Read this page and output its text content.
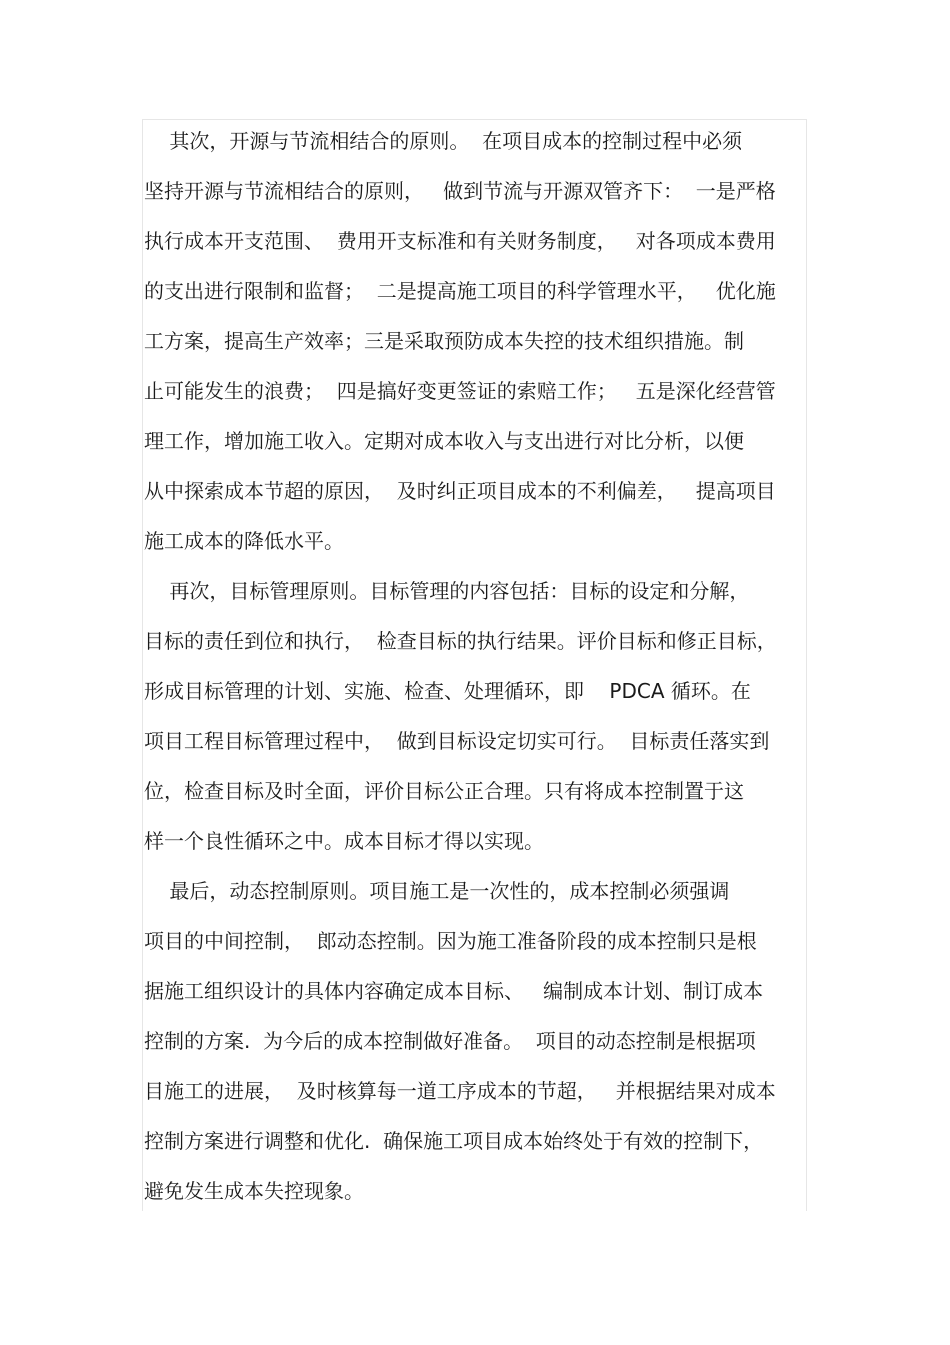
其次，开源与节流相结合的原则。  在项目成本的控制过程中必须
坚持开源与节流相结合的原则，   做到节流与开源双管齐下：  一是严格
执行成本开支范围、  费用开支标准和有关财务制度，   对各项成本费用
的支出进行限制和监督；  二是提高施工项目的科学管理水平，   优化施
工方案，提高生产效率；三是采取预防成本失控的技术组织措施。制
止可能发生的浪费；  四是搞好变更签证的索赔工作；   五是深化经营管
理工作，增加施工收入。定期对成本收入与支出进行对比分析，以便
从中探索成本节超的原因，  及时纠正项目成本的不利偏差，   提高项目
施工成本的降低水平。
再次，目标管理原则。目标管理的内容包括：目标的设定和分解，
目标的责任到位和执行，  检查目标的执行结果。评价目标和修正目标，
形成目标管理的计划、实施、检查、处理循环，即    PDCA 循环。在
项目工程目标管理过程中，  做到目标设定切实可行。  目标责任落实到
位，检查目标及时全面，评价目标公正合理。只有将成本控制置于这
样一个良性循环之中。成本目标才得以实现。
最后，动态控制原则。项目施工是一次性的，成本控制必须强调
项目的中间控制，  郎动态控制。因为施工准备阶段的成本控制只是根
据施工组织设计的具体内容确定成本目标、   编制成本计划、制订成本
控制的方案.  为今后的成本控制做好准备。  项目的动态控制是根据项
目施工的进展，  及时核算每一道工序成本的节超，   并根据结果对成本
控制方案进行调整和优化.  确保施工项目成本始终处于有效的控制下，
避免发生成本失控现象。
